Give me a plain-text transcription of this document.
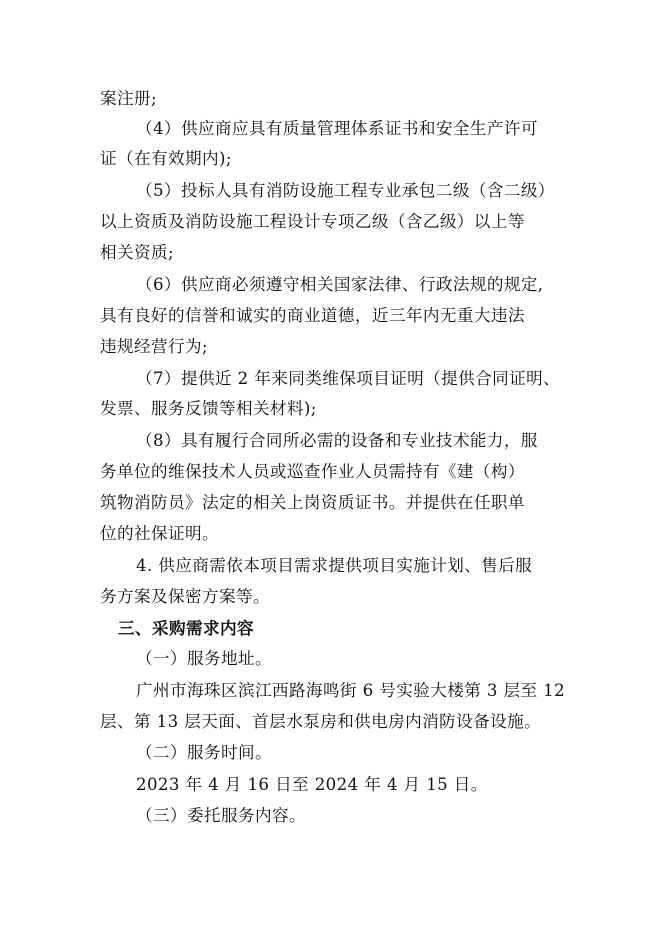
案注册;
（4）供应商应具有质量管理体系证书和安全生产许可
证（在有效期内);
（5）投标人具有消防设施工程专业承包二级（含二级）
以上资质及消防设施工程设计专项乙级（含乙级）以上等
相关资质;
（6）供应商必须遵守相关国家法律、行政法规的规定,
具有良好的信誉和诚实的商业道德，近三年内无重大违法
违规经营行为;
（7）提供近 2 年来同类维保项目证明（提供合同证明、
发票、服务反馈等相关材料);
（8）具有履行合同所必需的设备和专业技术能力，服
务单位的维保技术人员或巡查作业人员需持有《建（构）
筑物消防员》法定的相关上岗资质证书。并提供在任职单
位的社保证明。
4. 供应商需依本项目需求提供项目实施计划、售后服
务方案及保密方案等。
三、采购需求内容
（一）服务地址。
广州市海珠区滨江西路海鸣街 6 号实验大楼第 3 层至 12
层、第 13 层天面、首层水泵房和供电房内消防设备设施。
（二）服务时间。
2023 年 4 月 16 日至 2024 年 4 月 15 日。
（三）委托服务内容。
